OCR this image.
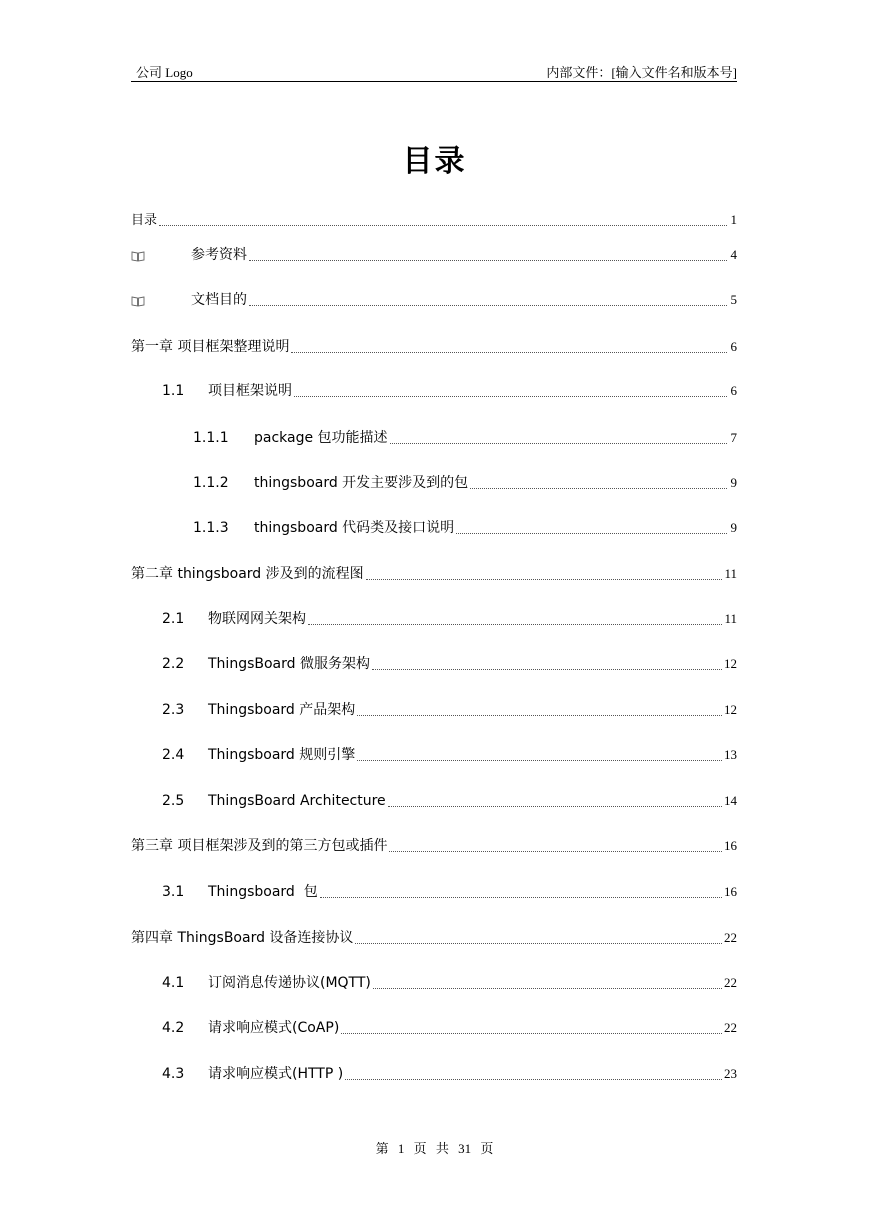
公司 Logo	内部文件：[输入文件名和版本号]
目录
目录	1
参考资料	4
文档目的	5
第一章 项目框架整理说明	6
1.1	项目框架说明	6
1.1.1	package 包功能描述	7
1.1.2	thingsboard 开发主要涉及到的包	9
1.1.3	thingsboard 代码类及接口说明	9
第二章 thingsboard 涉及到的流程图	11
2.1	物联网网关架构	11
2.2	ThingsBoard 微服务架构	12
2.3	Thingsboard 产品架构	12
2.4	Thingsboard 规则引擎	13
2.5	ThingsBoard Architecture	14
第三章 项目框架涉及到的第三方包或插件	16
3.1	Thingsboard  包	16
第四章 ThingsBoard 设备连接协议	22
4.1	订阅消息传递协议(MQTT)	22
4.2	请求响应模式(CoAP)	22
4.3	请求响应模式(HTTP )	23
第 1 页 共 31 页
